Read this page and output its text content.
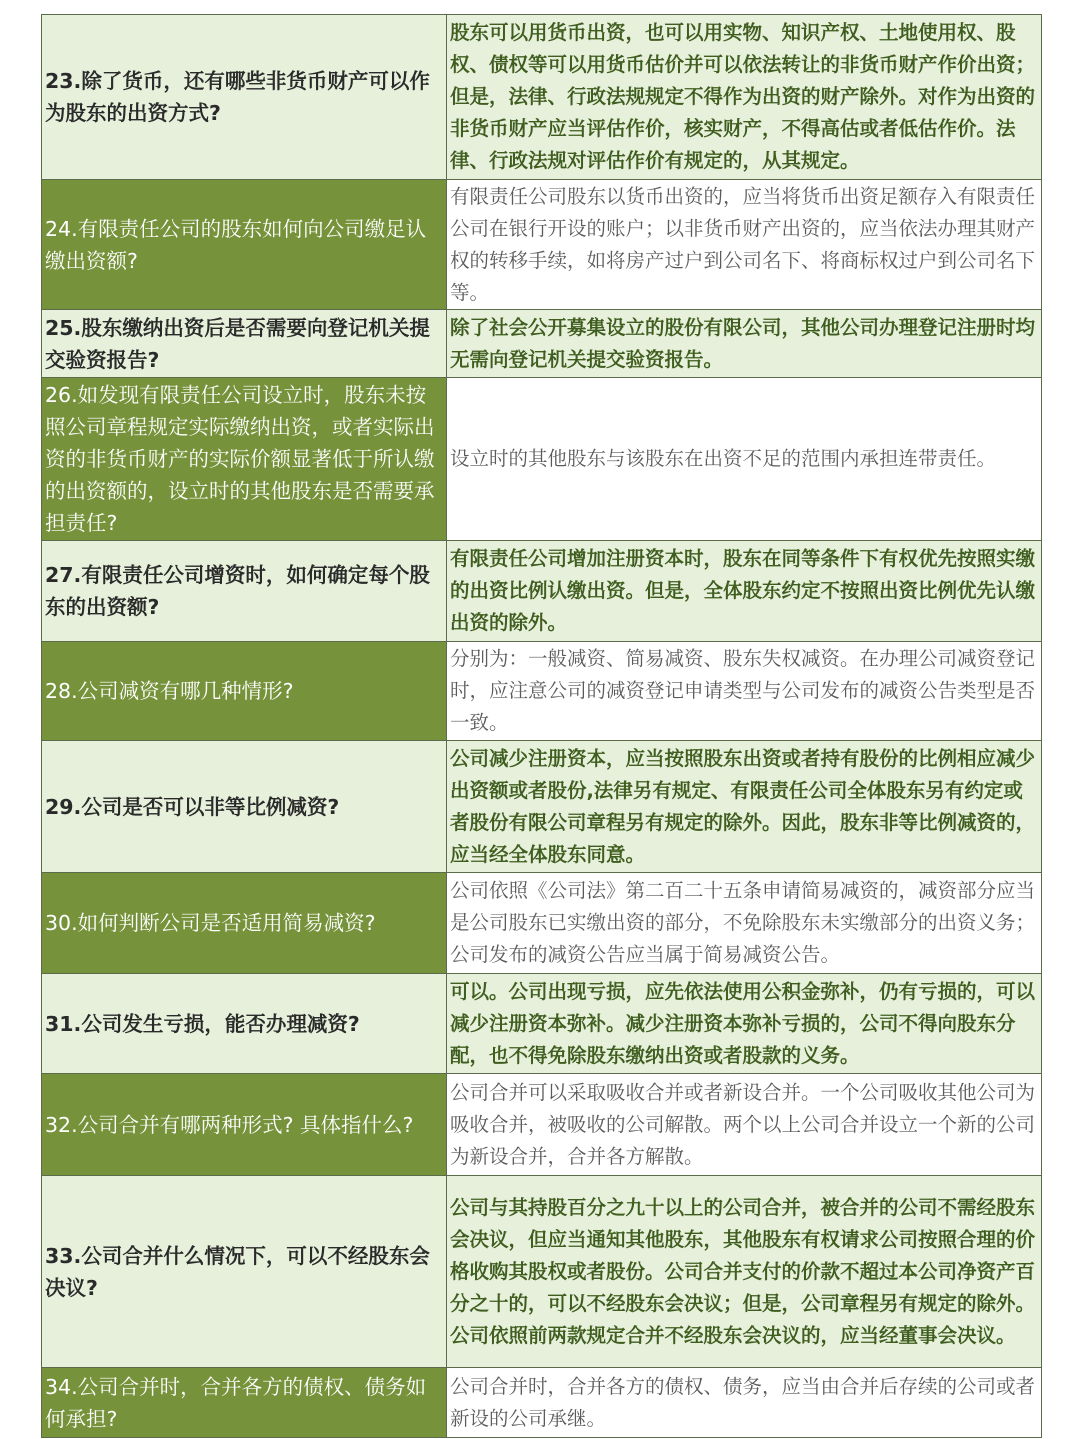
23.除了货币，还有哪些非货币财产可以作为股东的出资方式?	股东可以用货币出资，也可以用实物、知识产权、土地使用权、股权、债权等可以用货币估价并可以依法转让的非货币财产作价出资；但是，法律、行政法规规定不得作为出资的财产除外。对作为出资的非货币财产应当评估作价，核实财产，不得高估或者低估作价。法律、行政法规对评估作价有规定的，从其规定。
24.有限责任公司的股东如何向公司缴足认缴出资额?	有限责任公司股东以货币出资的，应当将货币出资足额存入有限责任公司在银行开设的账户；以非货币财产出资的，应当依法办理其财产权的转移手续，如将房产过户到公司名下、将商标权过户到公司名下等。
25.股东缴纳出资后是否需要向登记机关提交验资报告?	除了社会公开募集设立的股份有限公司，其他公司办理登记注册时均无需向登记机关提交验资报告。
26.如发现有限责任公司设立时，股东未按照公司章程规定实际缴纳出资，或者实际出资的非货币财产的实际价额显著低于所认缴的出资额的，设立时的其他股东是否需要承担责任?	设立时的其他股东与该股东在出资不足的范围内承担连带责任。
27.有限责任公司增资时，如何确定每个股东的出资额?	有限责任公司增加注册资本时，股东在同等条件下有权优先按照实缴的出资比例认缴出资。但是，全体股东约定不按照出资比例优先认缴出资的除外。
28.公司减资有哪几种情形?	分别为：一般减资、简易减资、股东失权减资。在办理公司减资登记时，应注意公司的减资登记申请类型与公司发布的减资公告类型是否一致。
29.公司是否可以非等比例减资?	公司减少注册资本，应当按照股东出资或者持有股份的比例相应减少出资额或者股份,法律另有规定、有限责任公司全体股东另有约定或者股份有限公司章程另有规定的除外。因此，股东非等比例减资的，应当经全体股东同意。
30.如何判断公司是否适用简易减资?	公司依照《公司法》第二百二十五条申请简易减资的，减资部分应当是公司股东已实缴出资的部分，不免除股东未实缴部分的出资义务；公司发布的减资公告应当属于简易减资公告。
31.公司发生亏损，能否办理减资?	可以。公司出现亏损，应先依法使用公积金弥补，仍有亏损的，可以减少注册资本弥补。减少注册资本弥补亏损的，公司不得向股东分配，也不得免除股东缴纳出资或者股款的义务。
32.公司合并有哪两种形式? 具体指什么?	公司合并可以采取吸收合并或者新设合并。一个公司吸收其他公司为吸收合并，被吸收的公司解散。两个以上公司合并设立一个新的公司为新设合并，合并各方解散。
33.公司合并什么情况下，可以不经股东会决议?	公司与其持股百分之九十以上的公司合并，被合并的公司不需经股东会决议，但应当通知其他股东，其他股东有权请求公司按照合理的价格收购其股权或者股份。公司合并支付的价款不超过本公司净资产百分之十的，可以不经股东会决议；但是，公司章程另有规定的除外。公司依照前两款规定合并不经股东会决议的，应当经董事会决议。
34.公司合并时，合并各方的债权、债务如何承担?	公司合并时，合并各方的债权、债务，应当由合并后存续的公司或者新设的公司承继。
